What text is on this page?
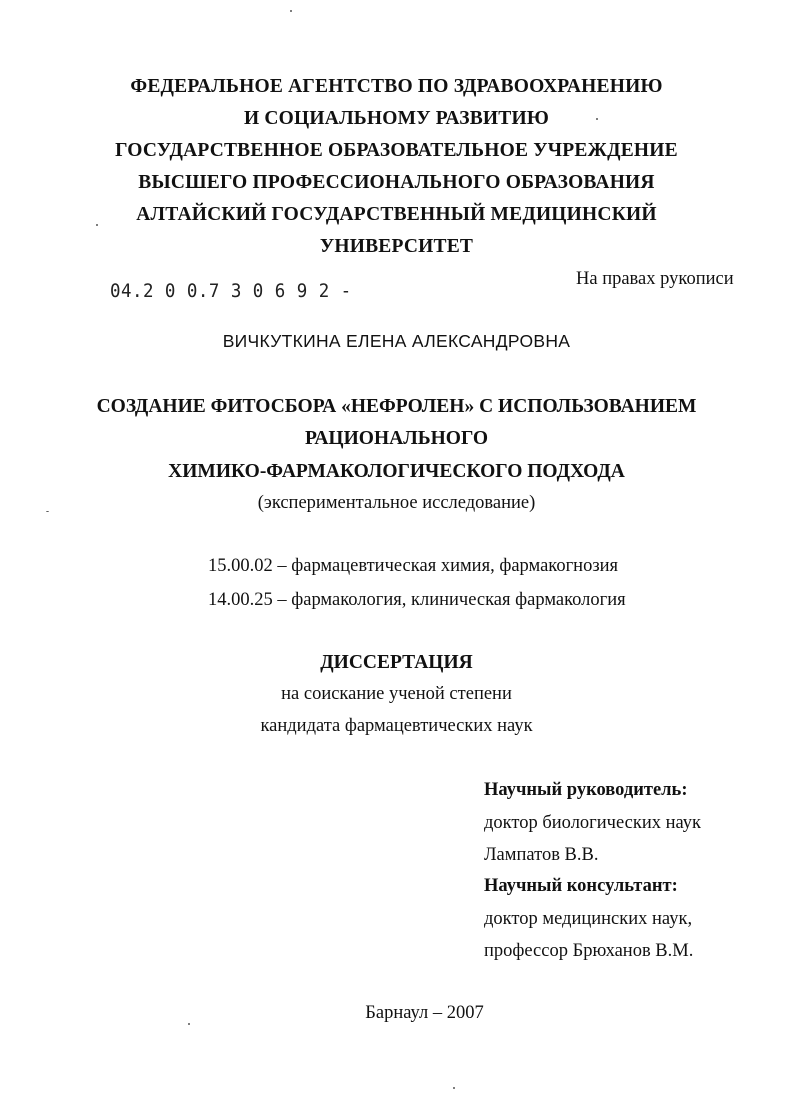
ФЕДЕРАЛЬНОЕ АГЕНТСТВО ПО ЗДРАВООХРАНЕНИЮ
И СОЦИАЛЬНОМУ РАЗВИТИЮ
ГОСУДАРСТВЕННОЕ ОБРАЗОВАТЕЛЬНОЕ УЧРЕЖДЕНИЕ
ВЫСШЕГО ПРОФЕССИОНАЛЬНОГО ОБРАЗОВАНИЯ
АЛТАЙСКИЙ ГОСУДАРСТВЕННЫЙ МЕДИЦИНСКИЙ
УНИВЕРСИТЕТ
04.2 0 0.7 3 0 6 9 2 -
На правах рукописи
ВИЧКУТКИНА ЕЛЕНА АЛЕКСАНДРОВНА
СОЗДАНИЕ ФИТОСБОРА «НЕФРОЛЕН» С ИСПОЛЬЗОВАНИЕМ
РАЦИОНАЛЬНОГО
ХИМИКО-ФАРМАКОЛОГИЧЕСКОГО ПОДХОДА
(экспериментальное исследование)
15.00.02 – фармацевтическая химия, фармакогнозия
14.00.25 – фармакология, клиническая фармакология
ДИССЕРТАЦИЯ
на соискание ученой степени
кандидата фармацевтических наук
Научный руководитель:
доктор биологических наук
Лампатов В.В.
Научный консультант:
доктор медицинских наук,
профессор Брюханов В.М.
Барнаул – 2007
